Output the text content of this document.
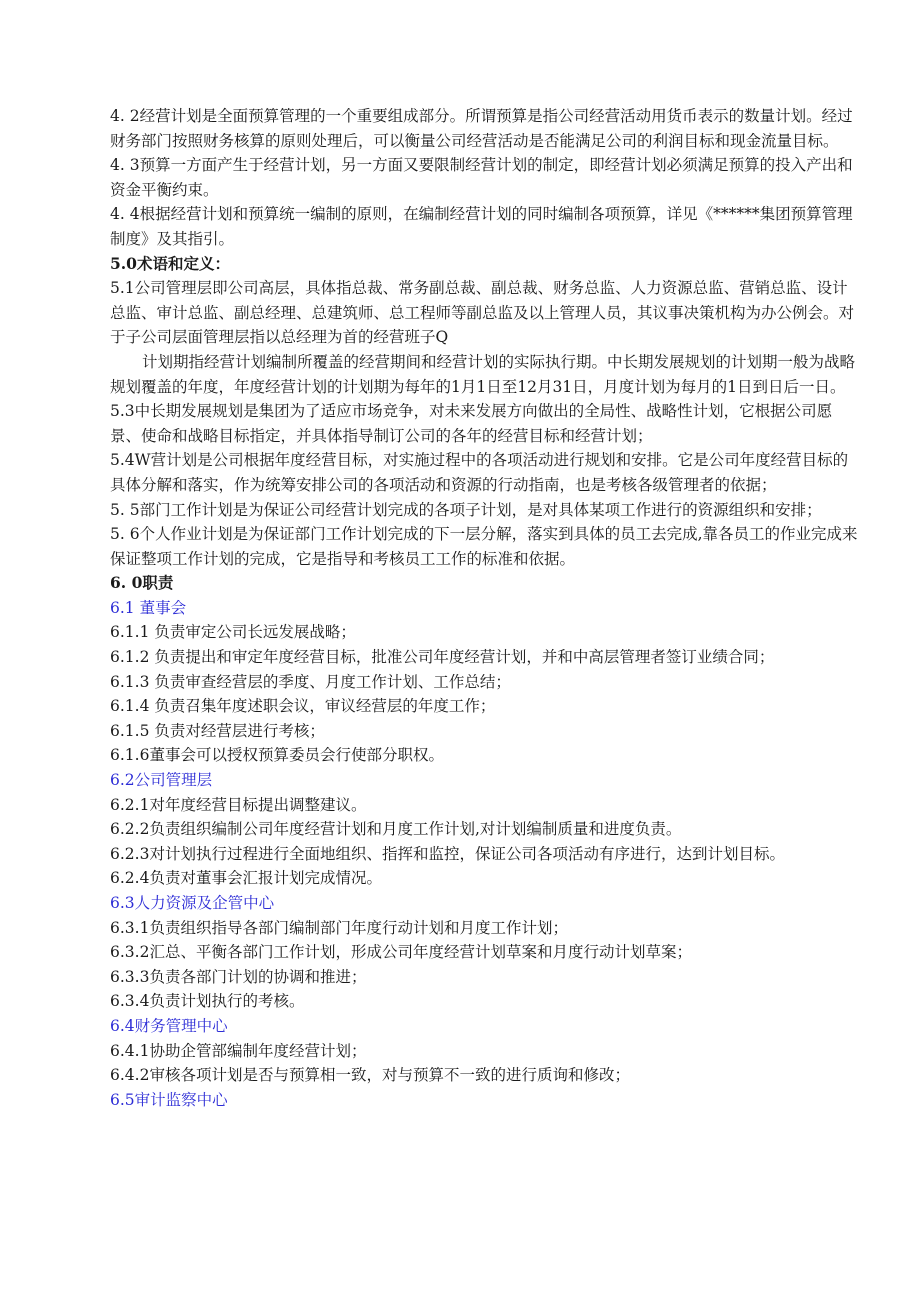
4. 2经营计划是全面预算管理的一个重要组成部分。所谓预算是指公司经营活动用货币表示的数量计划。经过财务部门按照财务核算的原则处理后，可以衡量公司经营活动是否能满足公司的利润目标和现金流量目标。

4. 3预算一方面产生于经营计划，另一方面又要限制经营计划的制定，即经营计划必须满足预算的投入产出和资金平衡约束。

4. 4根据经营计划和预算统一编制的原则，在编制经营计划的同时编制各项预算，详见《******集团预算管理制度》及其指引。

5.0术语和定义：

5.1公司管理层即公司高层，具体指总裁、常务副总裁、副总裁、财务总监、人力资源总监、营销总监、设计总监、审计总监、副总经理、总建筑师、总工程师等副总监及以上管理人员，其议事决策机构为办公例会。对于子公司层面管理层指以总经理为首的经营班子Q

计划期指经营计划编制所覆盖的经营期间和经营计划的实际执行期。中长期发展规划的计划期一般为战略规划覆盖的年度，年度经营计划的计划期为每年的1月1日至12月31日，月度计划为每月的1日到日后一日。

5.3中长期发展规划是集团为了适应市场竞争，对未来发展方向做出的全局性、战略性计划，它根据公司愿景、使命和战略目标指定，并具体指导制订公司的各年的经营目标和经营计划；

5.4W营计划是公司根据年度经营目标，对实施过程中的各项活动进行规划和安排。它是公司年度经营目标的具体分解和落实，作为统筹安排公司的各项活动和资源的行动指南，也是考核各级管理者的依据；

5. 5部门工作计划是为保证公司经营计划完成的各项子计划，是对具体某项工作进行的资源组织和安排；

5. 6个人作业计划是为保证部门工作计划完成的下一层分解，落实到具体的员工去完成,靠各员工的作业完成来保证整项工作计划的完成，它是指导和考核员工工作的标准和依据。

6. 0职责

6.1 董事会

6.1.1 负责审定公司长远发展战略；

6.1.2 负责提出和审定年度经营目标，批准公司年度经营计划，并和中高层管理者签订业绩合同；

6.1.3 负责审查经营层的季度、月度工作计划、工作总结；

6.1.4 负责召集年度述职会议，审议经营层的年度工作；

6.1.5 负责对经营层进行考核；

6.1.6董事会可以授权预算委员会行使部分职权。

6.2公司管理层

6.2.1对年度经营目标提出调整建议。

6.2.2负责组织编制公司年度经营计划和月度工作计划,对计划编制质量和进度负责。

6.2.3对计划执行过程进行全面地组织、指挥和监控，保证公司各项活动有序进行，达到计划目标。

6.2.4负责对董事会汇报计划完成情况。

6.3人力资源及企管中心

6.3.1负责组织指导各部门编制部门年度行动计划和月度工作计划；

6.3.2汇总、平衡各部门工作计划，形成公司年度经营计划草案和月度行动计划草案；

6.3.3负责各部门计划的协调和推进；

6.3.4负责计划执行的考核。

6.4财务管理中心

6.4.1协助企管部编制年度经营计划；

6.4.2审核各项计划是否与预算相一致，对与预算不一致的进行质询和修改；

6.5审计监察中心
